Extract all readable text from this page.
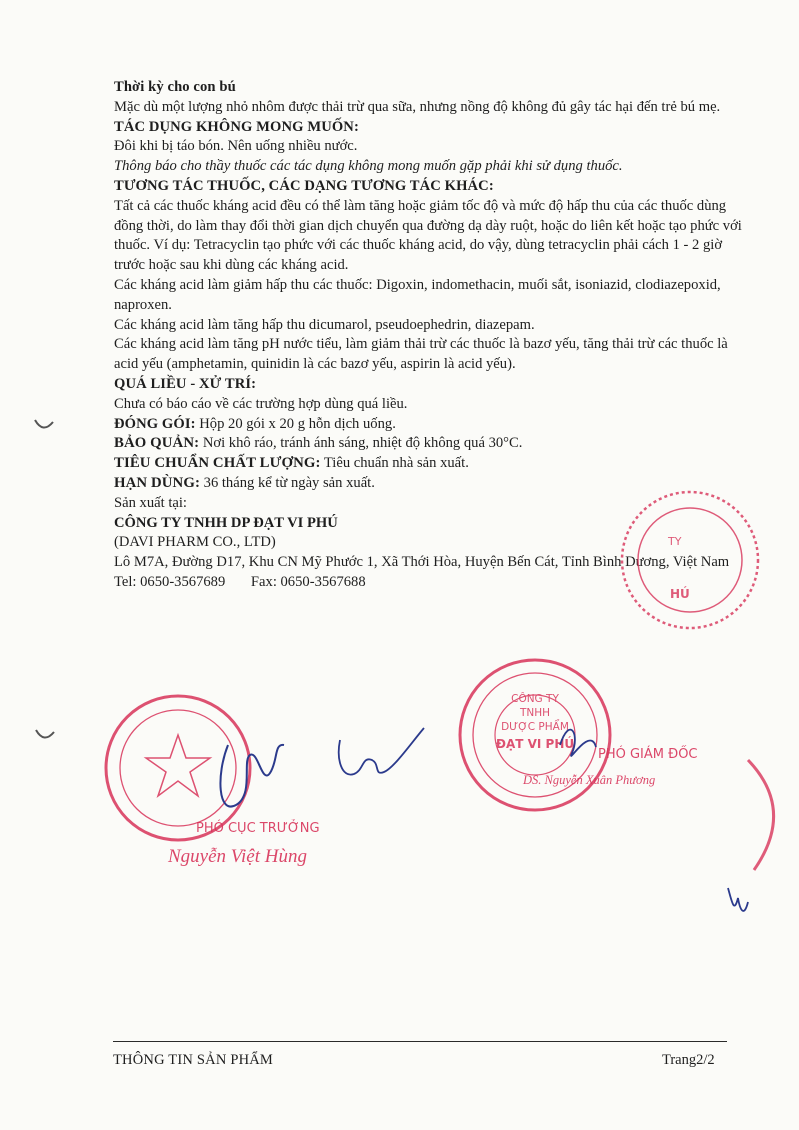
Thời kỳ cho con bú

Mặc dù một lượng nhỏ nhôm được thải trừ qua sữa, nhưng nồng độ không đủ gây tác hại đến trẻ bú mẹ.

TÁC DỤNG KHÔNG MONG MUỐN:

Đôi khi bị táo bón. Nên uống nhiều nước.

Thông báo cho thầy thuốc các tác dụng không mong muốn gặp phải khi sử dụng thuốc.

TƯƠNG TÁC THUỐC, CÁC DẠNG TƯƠNG TÁC KHÁC:

Tất cả các thuốc kháng acid đều có thể làm tăng hoặc giảm tốc độ và mức độ hấp thu của các thuốc dùng đồng thời, do làm thay đổi thời gian dịch chuyển qua đường dạ dày ruột, hoặc do liên kết hoặc tạo phức với thuốc. Ví dụ: Tetracyclin tạo phức với các thuốc kháng acid, do vậy, dùng tetracyclin phải cách 1 - 2 giờ trước hoặc sau khi dùng các kháng acid.

Các kháng acid làm giảm hấp thu các thuốc: Digoxin, indomethacin, muối sắt, isoniazid, clodiazepoxid, naproxen.

Các kháng acid làm tăng hấp thu dicumarol, pseudoephedrin, diazepam.

Các kháng acid làm tăng pH nước tiểu, làm giảm thải trừ các thuốc là bazơ yếu, tăng thải trừ các thuốc là acid yếu (amphetamin, quinidin là các bazơ yếu, aspirin là acid yếu).

QUÁ LIỀU - XỬ TRÍ:

Chưa có báo cáo về các trường hợp dùng quá liều.

ĐÓNG GÓI: Hộp 20 gói x 20 g hỗn dịch uống.

BẢO QUẢN: Nơi khô ráo, tránh ánh sáng, nhiệt độ không quá 30°C.

TIÊU CHUẨN CHẤT LƯỢNG: Tiêu chuẩn nhà sản xuất.

HẠN DÙNG: 36 tháng kể từ ngày sản xuất.

Sản xuất tại:

CÔNG TY TNHH DP ĐẠT VI PHÚ

(DAVI PHARM CO., LTD)

Lô M7A, Đường D17, Khu CN Mỹ Phước 1, Xã Thới Hòa, Huyện Bến Cát, Tỉnh Bình Dương, Việt Nam

Tel: 0650-3567689 Fax: 0650-3567688

TY
HÚ
CÔNG TY
TNHH
DƯỢC PHẨM
ĐẠT VI PHÚ
PHÓ GIÁM ĐỐC
DS. Nguyễn Xuân Phương
PHÓ CỤC TRƯỞNG
Nguyễn Việt Hùng
THÔNG TIN SẢN PHẨM	Trang2/2
